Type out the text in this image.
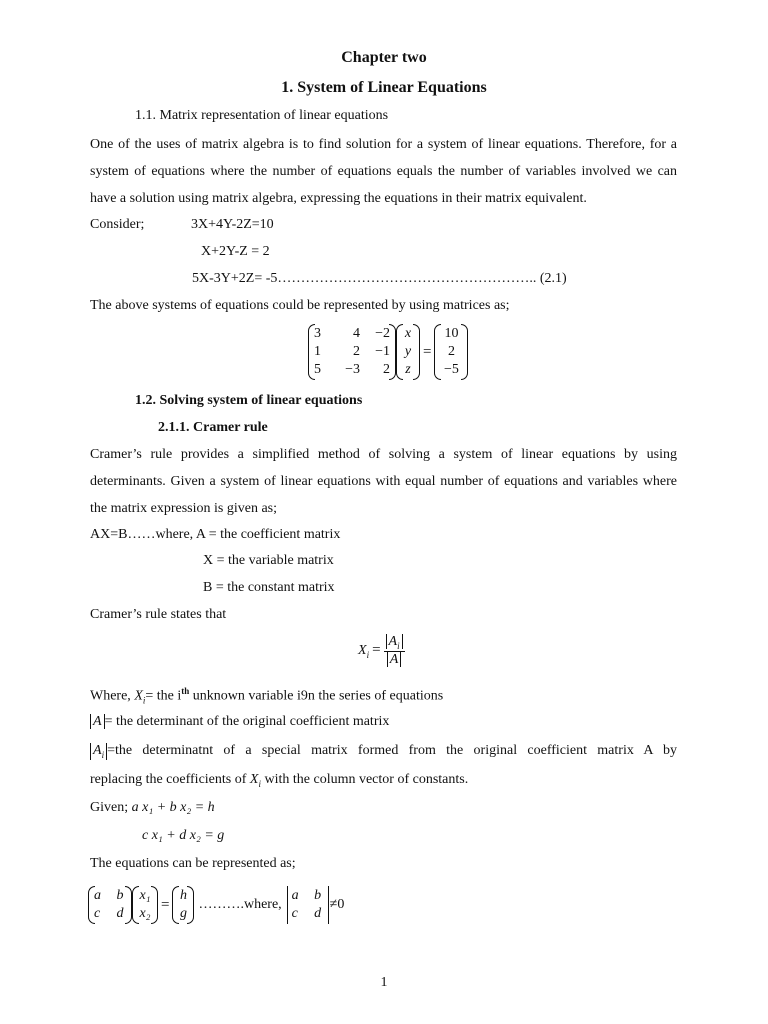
Chapter two
1. System of Linear Equations
1.1. Matrix representation of linear equations
One of the uses of matrix algebra is to find solution for a system of linear equations. Therefore, for a system of equations where the number of equations equals the number of variables involved we can have a solution using matrix algebra, expressing the equations in their matrix equivalent.
Consider;	3X+4Y-2Z=10
X+2Y-Z = 2
5X-3Y+2Z= -5……………………………………………….. (2.1)
The above systems of equations could be represented by using matrices as;
3	4	−2
1	2	−1
5	−3	2
x
y
z
=
10
2
−5
1.2. Solving system of linear equations
2.1.1. Cramer rule
Cramer’s rule provides a simplified method of solving a system of linear equations by using determinants. Given a system of linear equations with equal number of equations and variables where the matrix expression is given as;
AX=B……where, A = the coefficient matrix
X = the variable matrix
B = the constant matrix
Cramer’s rule states that
$X_i = \frac{A_i}{A}$
Where, $X_i=$ the $i^{th}$ unknown variable i9n the series of equations
A = the determinant of the original coefficient matrix
$A_i =the$ determinatnt of a special matrix formed from the original coefficient matrix A by
replacing the coefficients of $X_i$ with the column vector of constants.
Given; a x₁ + b x₂ = h
c x₁ + d x₂ = g
The equations can be represented as;
a	b
c	d
x₁
x₂
=
h
g
……….where,
a	b
c	d
≠0
1
